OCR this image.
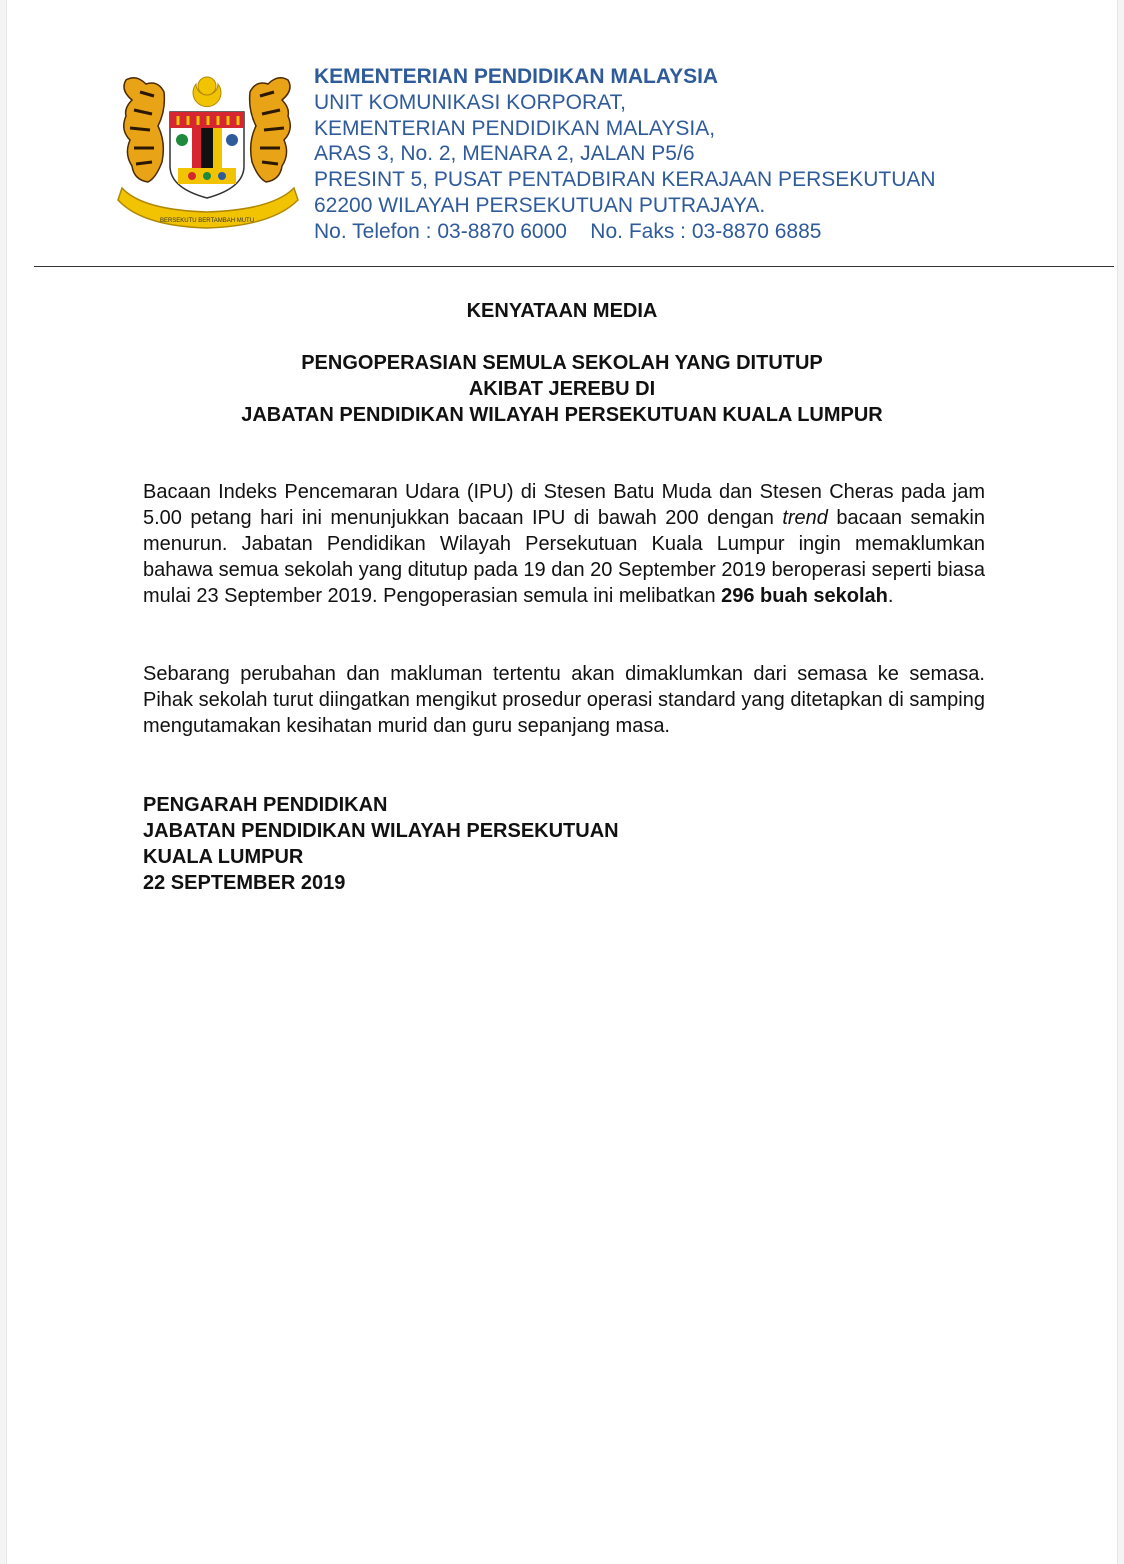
BERSEKUTU BERTAMBAH MUTU
KEMENTERIAN PENDIDIKAN MALAYSIA
UNIT KOMUNIKASI KORPORAT,
KEMENTERIAN PENDIDIKAN MALAYSIA,
ARAS 3, No. 2, MENARA 2, JALAN P5/6
PRESINT 5, PUSAT PENTADBIRAN KERAJAAN PERSEKUTUAN
62200 WILAYAH PERSEKUTUAN PUTRAJAYA.
No. Telefon : 03-8870 6000    No. Faks : 03-8870 6885
KENYATAAN MEDIA
PENGOPERASIAN SEMULA SEKOLAH YANG DITUTUP
AKIBAT JEREBU DI
JABATAN PENDIDIKAN WILAYAH PERSEKUTUAN KUALA LUMPUR
Bacaan Indeks Pencemaran Udara (IPU) di Stesen Batu Muda dan Stesen Cheras pada jam 5.00 petang hari ini menunjukkan bacaan IPU di bawah 200 dengan trend bacaan semakin menurun. Jabatan Pendidikan Wilayah Persekutuan Kuala Lumpur ingin memaklumkan bahawa semua sekolah yang ditutup pada 19 dan 20 September 2019 beroperasi seperti biasa mulai 23 September 2019. Pengoperasian semula ini melibatkan 296 buah sekolah.
Sebarang perubahan dan makluman tertentu akan dimaklumkan dari semasa ke semasa. Pihak sekolah turut diingatkan mengikut prosedur operasi standard yang ditetapkan di samping mengutamakan kesihatan murid dan guru sepanjang masa.
PENGARAH PENDIDIKAN
JABATAN PENDIDIKAN WILAYAH PERSEKUTUAN
KUALA LUMPUR
22 SEPTEMBER 2019
